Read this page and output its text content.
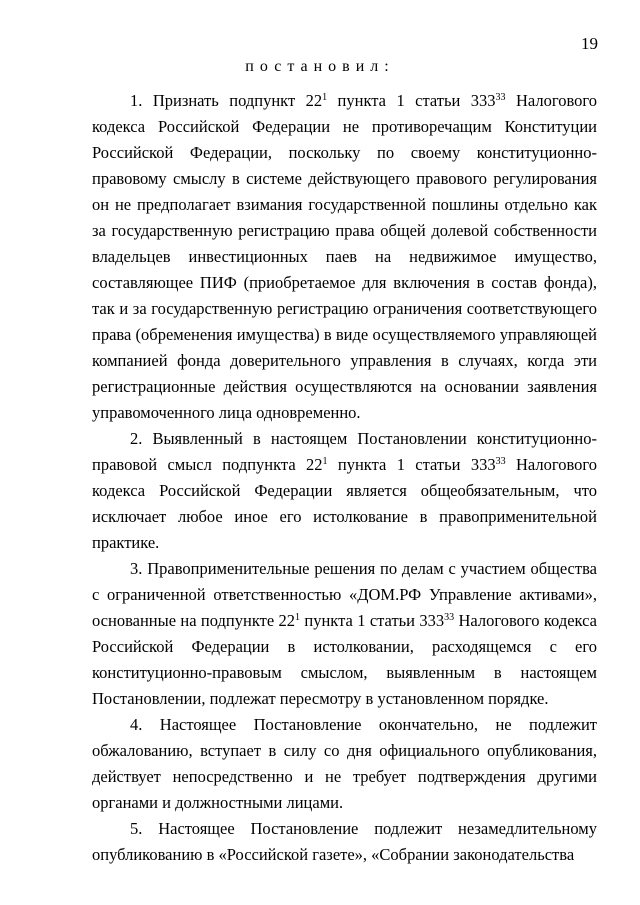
19
постановил:

1. Признать подпункт $22^1$ пункта 1 статьи $333^{33}$ Налогового кодекса Российской Федерации не противоречащим Конституции Российской Федерации, поскольку по своему конституционно-правовому смыслу в системе действующего правового регулирования он не предполагает взимания государственной пошлины отдельно как за государственную регистрацию права общей долевой собственности владельцев инвестиционных паев на недвижимое имущество, составляющее ПИФ (приобретаемое для включения в состав фонда), так и за государственную регистрацию ограничения соответствующего права (обременения имущества) в виде осуществляемого управляющей компанией фонда доверительного управления в случаях, когда эти регистрационные действия осуществляются на основании заявления управомоченного лица одновременно.

2. Выявленный в настоящем Постановлении конституционно-правовой смысл подпункта $22^1$ пункта 1 статьи $333^{33}$ Налогового кодекса Российской Федерации является общеобязательным, что исключает любое иное его истолкование в правоприменительной практике.

3. Правоприменительные решения по делам с участием общества с ограниченной ответственностью «ДОМ.РФ Управление активами», основанные на подпункте $22^1$ пункта 1 статьи $333^{33}$ Налогового кодекса Российской Федерации в истолковании, расходящемся с его конституционно-правовым смыслом, выявленным в настоящем Постановлении, подлежат пересмотру в установленном порядке.

4. Настоящее Постановление окончательно, не подлежит обжалованию, вступает в силу со дня официального опубликования, действует непосредственно и не требует подтверждения другими органами и должностными лицами.

5. Настоящее Постановление подлежит незамедлительному опубликованию в «Российской газете», «Собрании законодательства
